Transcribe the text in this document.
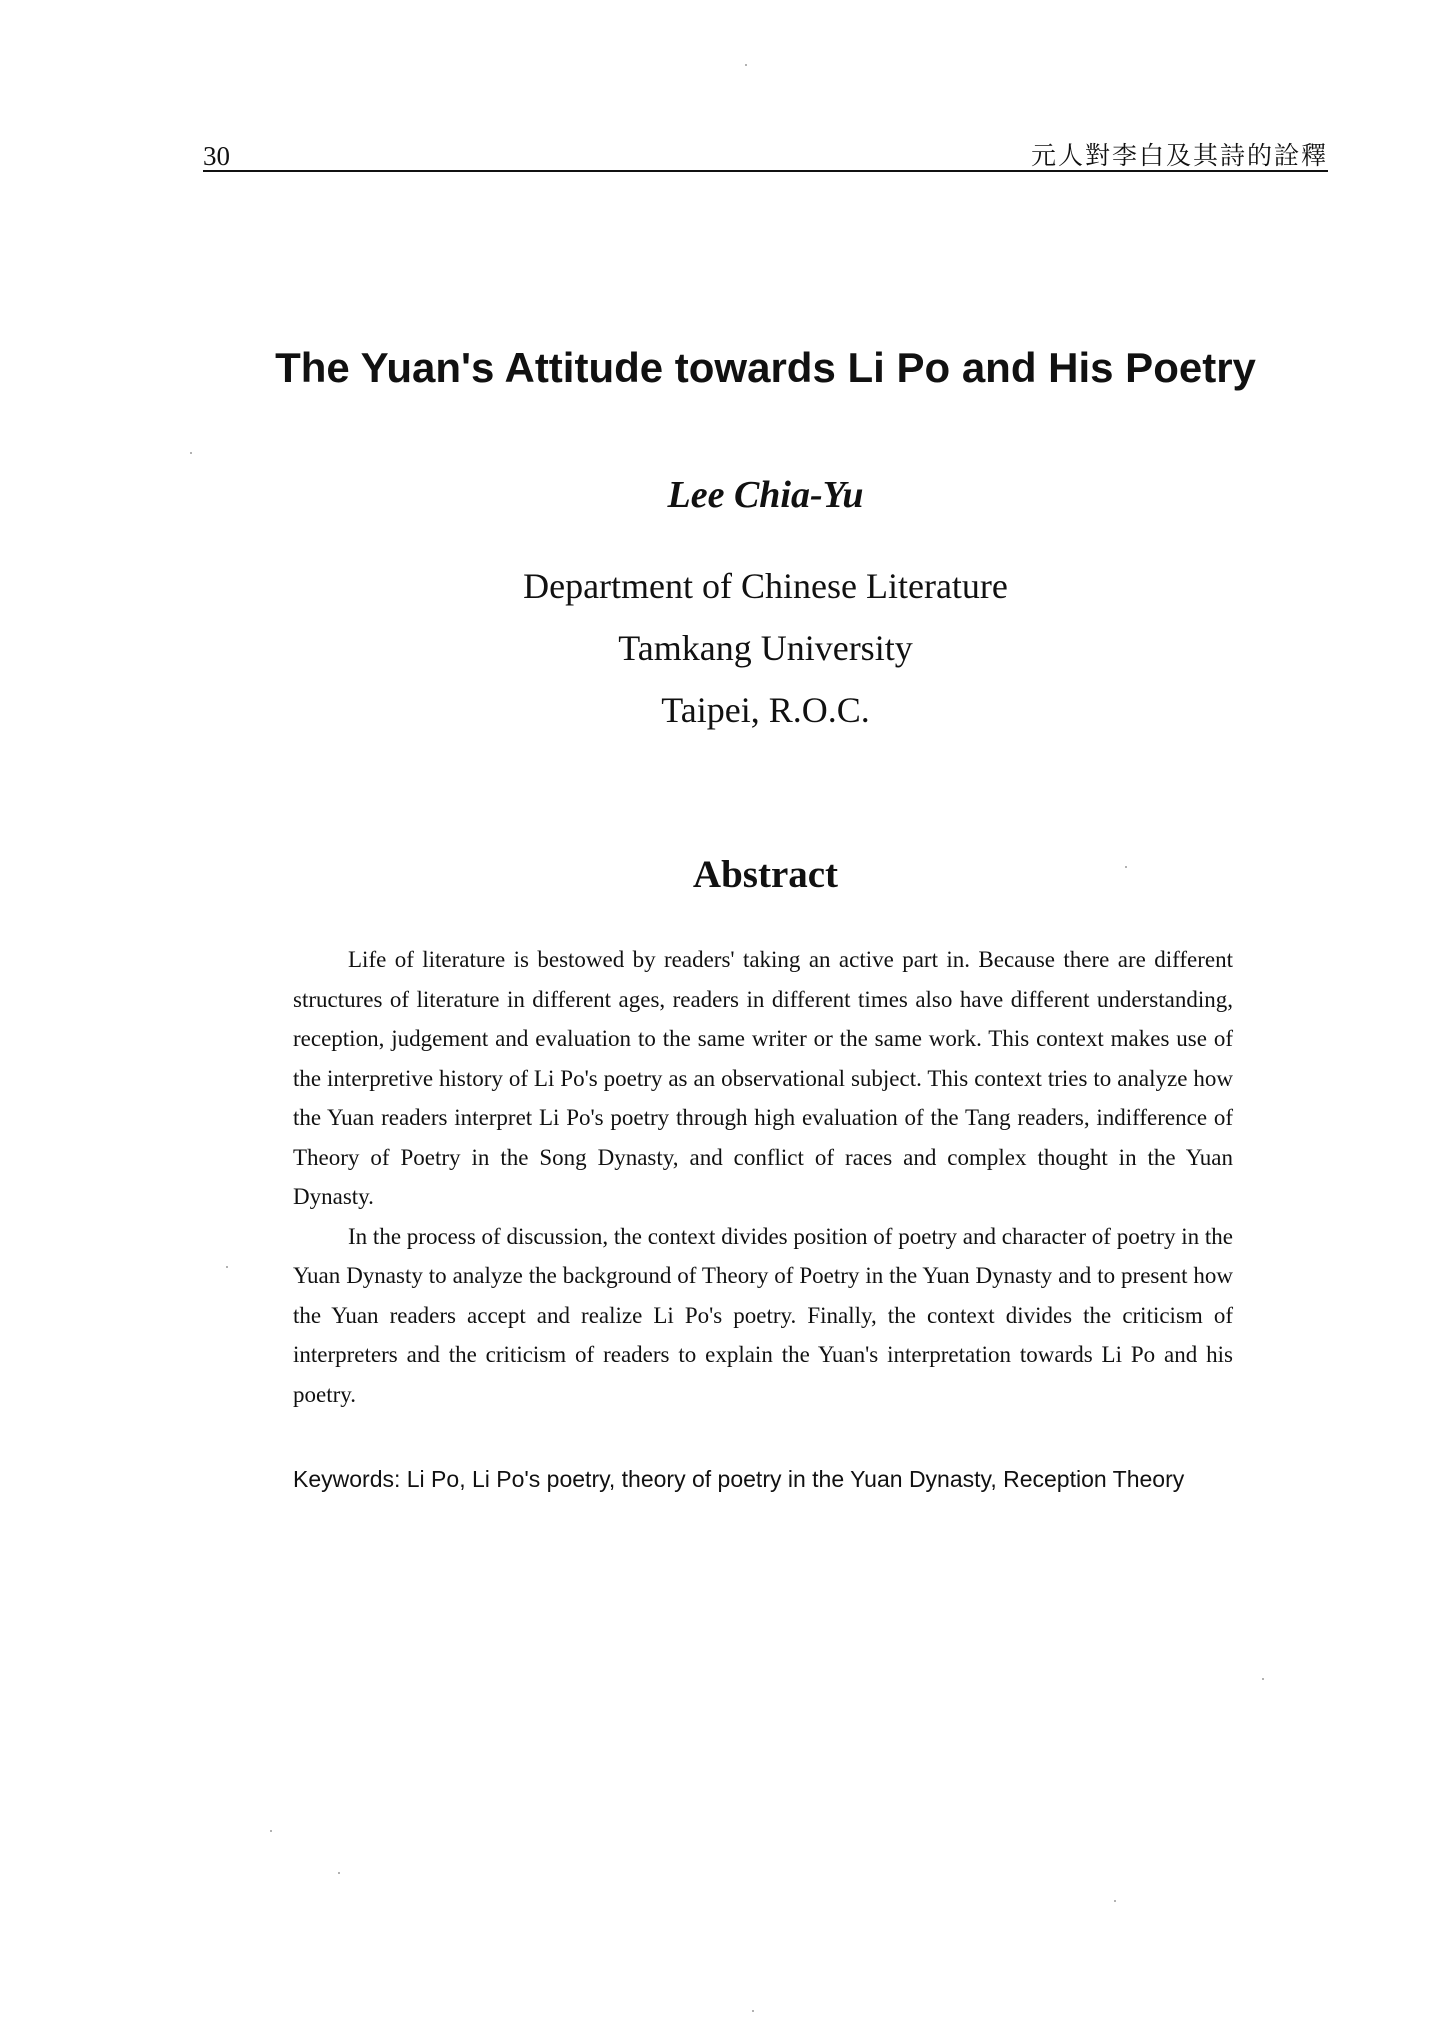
30	元人對李白及其詩的詮釋
The Yuan's Attitude towards Li Po and His Poetry
Lee Chia-Yu
Department of Chinese Literature
Tamkang University
Taipei, R.O.C.
Abstract

Life of literature is bestowed by readers' taking an active part in. Because there are different structures of literature in different ages, readers in different times also have different understanding, reception, judgement and evaluation to the same writer or the same work. This context makes use of the interpretive history of Li Po's poetry as an observational subject. This context tries to analyze how the Yuan readers interpret Li Po's poetry through high evaluation of the Tang readers, indifference of Theory of Poetry in the Song Dynasty, and conflict of races and complex thought in the Yuan Dynasty.

In the process of discussion, the context divides position of poetry and character of poetry in the Yuan Dynasty to analyze the background of Theory of Poetry in the Yuan Dynasty and to present how the Yuan readers accept and realize Li Po's poetry. Finally, the context divides the criticism of interpreters and the criticism of readers to explain the Yuan's interpretation towards Li Po and his poetry.

Keywords: Li Po, Li Po's poetry, theory of poetry in the Yuan Dynasty, Reception Theory
